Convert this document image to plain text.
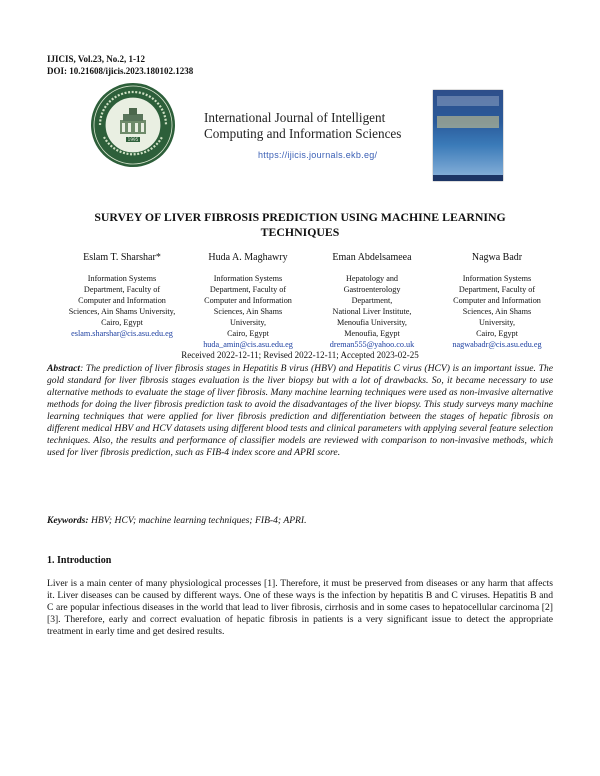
IJICIS, Vol.23, No.2, 1-12
DOI: 10.21608/ijicis.2023.180102.1238
1995
International Journal of Intelligent
Computing and Information Sciences
https://ijicis.journals.ekb.eg/
SURVEY OF LIVER FIBROSIS PREDICTION USING MACHINE LEARNING
TECHNIQUES
Eslam T. Sharshar*
Information Systems
Department, Faculty of
Computer and Information
Sciences, Ain Shams University,
Cairo, Egypt
eslam.sharshar@cis.asu.edu.eg
Huda A. Maghawry
Information Systems
Department, Faculty of
Computer and Information
Sciences, Ain Shams
University,
Cairo, Egypt
huda_amin@cis.asu.edu.eg
Eman Abdelsameea
Hepatology and
Gastroenterology
Department,
National Liver Institute,
Menoufia University,
Menoufia, Egypt
dreman555@yahoo.co.uk
Nagwa Badr
Information Systems
Department, Faculty of
Computer and Information
Sciences, Ain Shams
University,
Cairo, Egypt
nagwabadr@cis.asu.edu.eg
Received 2022-12-11; Revised 2022-12-11; Accepted 2023-02-25
Abstract: The prediction of liver fibrosis stages in Hepatitis B virus (HBV) and Hepatitis C virus (HCV) is an important issue. The gold standard for liver fibrosis stages evaluation is the liver biopsy but with a lot of drawbacks. So, it became necessary to use alternative methods to evaluate the stage of liver fibrosis. Many machine learning techniques were used as non-invasive alternative methods for doing the liver fibrosis prediction task to avoid the disadvantages of the liver biopsy. This study surveys many machine learning techniques that were applied for liver fibrosis prediction and differentiation between the stages of hepatic fibrosis on different medical HBV and HCV datasets using different blood tests and clinical parameters with applying several feature selection techniques. Also, the results and performance of classifier models are reviewed with comparison to non-invasive methods, which used for liver fibrosis prediction, such as FIB-4 index score and APRI score.
Keywords: HBV; HCV; machine learning techniques; FIB-4; APRI.
1. Introduction
Liver is a main center of many physiological processes [1]. Therefore, it must be preserved from diseases or any harm that affects it. Liver diseases can be caused by different ways. One of these ways is the infection by hepatitis B and C viruses. Hepatitis B and C are popular infectious diseases in the world that lead to liver fibrosis, cirrhosis and in some cases to hepatocellular carcinoma [2][3]. Therefore, early and correct evaluation of hepatic fibrosis in patients is a very significant issue to detect the appropriate treatment in early time and get desired results.
